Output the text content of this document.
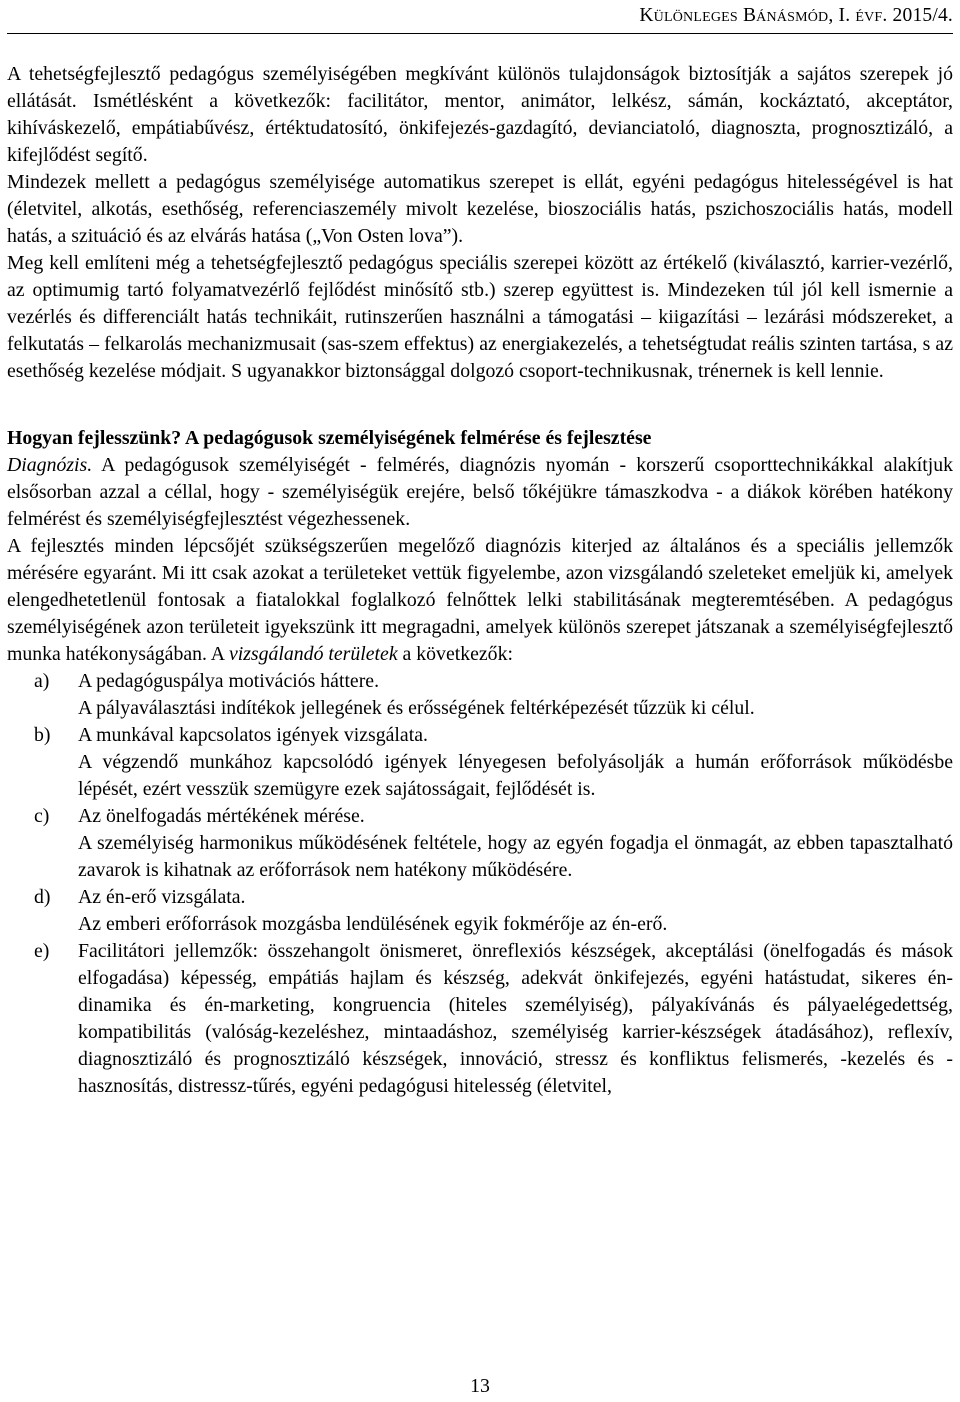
Különleges Bánásmód, I. évf. 2015/4.

A tehetségfejlesztő pedagógus személyiségében megkívánt különös tulajdonságok biztosítják a sajátos szerepek jó ellátását. Ismétlésként a következők: facilitátor, mentor, animátor, lelkész, sámán, kockáztató, akceptátor, kihíváskezelő, empátiabűvész, értéktudatosító, önkifejezés-gazdagító, devianciatoló, diagnoszta, prognosztizáló, a kifejlődést segítő.

Mindezek mellett a pedagógus személyisége automatikus szerepet is ellát, egyéni pedagógus hitelességével is hat (életvitel, alkotás, esethőség, referenciaszemély mivolt kezelése, bioszociális hatás, pszichoszociális hatás, modell hatás, a szituáció és az elvárás hatása („Von Osten lova”).

Meg kell említeni még a tehetségfejlesztő pedagógus speciális szerepei között az értékelő (kiválasztó, karrier-vezérlő, az optimumig tartó folyamatvezérlő fejlődést minősítő stb.) szerep együttest is. Mindezeken túl jól kell ismernie a vezérlés és differenciált hatás technikáit, rutinszerűen használni a támogatási – kiigazítási – lezárási módszereket, a felkutatás – felkarolás mechanizmusait (sas-szem effektus) az energiakezelés, a tehetségtudat reális szinten tartása, s az esethőség kezelése módjait. S ugyanakkor biztonsággal dolgozó csoport-technikusnak, trénernek is kell lennie.

Hogyan fejlesszünk? A pedagógusok személyiségének felmérése és fejlesztése

Diagnózis. A pedagógusok személyiségét - felmérés, diagnózis nyomán - korszerű csoporttechnikákkal alakítjuk elsősorban azzal a céllal, hogy - személyiségük erejére, belső tőkéjükre támaszkodva - a diákok körében hatékony felmérést és személyiségfejlesztést végezhessenek.

A fejlesztés minden lépcsőjét szükségszerűen megelőző diagnózis kiterjed az általános és a speciális jellemzők mérésére egyaránt. Mi itt csak azokat a területeket vettük figyelembe, azon vizsgálandó szeleteket emeljük ki, amelyek elengedhetetlenül fontosak a fiatalokkal foglalkozó felnőttek lelki stabilitásának megteremtésében. A pedagógus személyiségének azon területeit igyekszünk itt megragadni, amelyek különös szerepet játszanak a személyiségfejlesztő munka hatékonyságában. A vizsgálandó területek a következők:

a) A pedagóguspálya motivációs háttere.
A pályaválasztási indítékok jellegének és erősségének feltérképezését tűzzük ki célul.
b) A munkával kapcsolatos igények vizsgálata.
A végzendő munkához kapcsolódó igények lényegesen befolyásolják a humán erőforrások működésbe lépését, ezért vesszük szemügyre ezek sajátosságait, fejlődését is.
c) Az önelfogadás mértékének mérése.
A személyiség harmonikus működésének feltétele, hogy az egyén fogadja el önmagát, az ebben tapasztalható zavarok is kihatnak az erőforrások nem hatékony működésére.
d) Az én-erő vizsgálata.
Az emberi erőforrások mozgásba lendülésének egyik fokmérője az én-erő.
e) Facilitátori jellemzők: összehangolt önismeret, önreflexiós készségek, akceptálási (önelfogadás és mások elfogadása) képesség, empátiás hajlam és készség, adekvát önkifejezés, egyéni hatástudat, sikeres én-dinamika és én-marketing, kongruencia (hiteles személyiség), pályakívánás és pályaelégedettség, kompatibilitás (valóság-kezeléshez, mintaadáshoz, személyiség karrier-készségek átadásához), reflexív, diagnosztizáló és prognosztizáló készségek, innováció, stressz és konfliktus felismerés, -kezelés és -hasznosítás, distressz-tűrés, egyéni pedagógusi hitelesség (életvitel,
13
